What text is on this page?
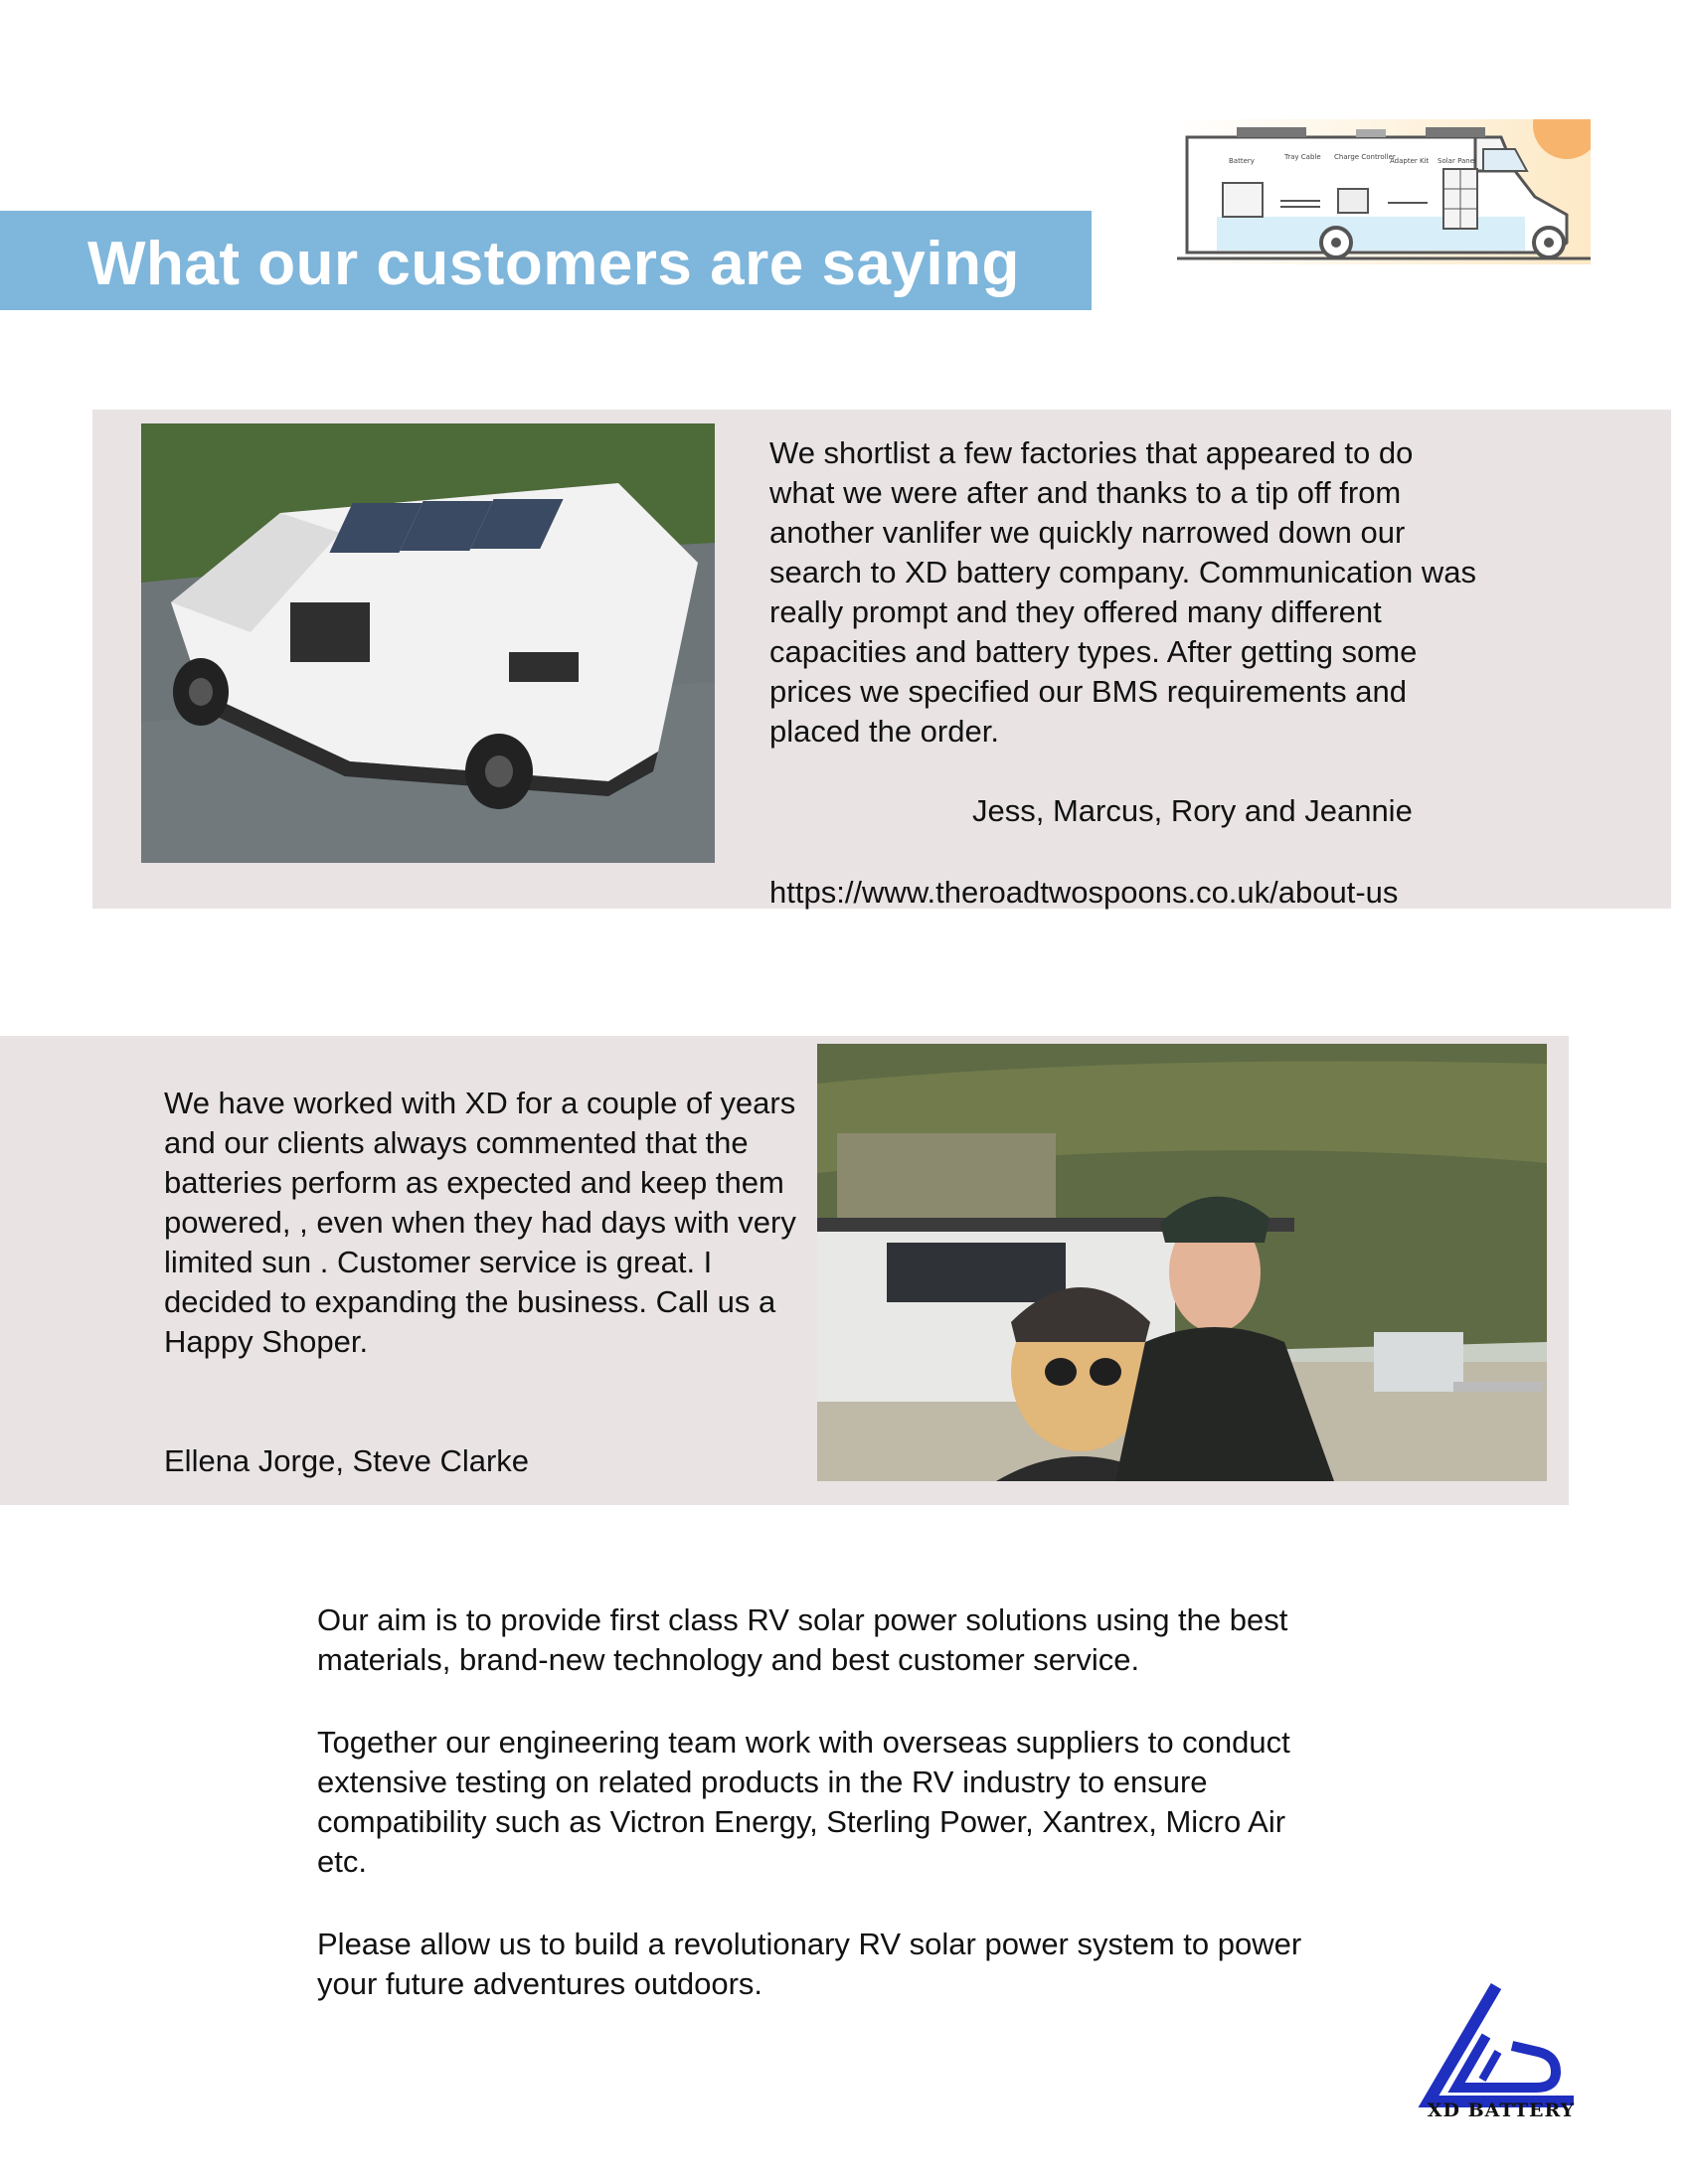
What our customers are saying
Battery	Tray Cable Charge Controller
Adapter Kit Solar Panel

We shortlist a few factories that appeared to do what we were after and thanks to a tip off from another vanlifer we quickly narrowed down our search to XD battery company. Communication was really prompt and they offered many different capacities and battery types. After getting some prices we specified our BMS requirements and placed the order.

Jess, Marcus, Rory and Jeannie
https://www.theroadtwospoons.co.uk/about-us

We have worked with XD for a couple of years and our clients always commented that the batteries perform as expected and keep them powered, , even when they had days with very limited sun . Customer service is great. I decided to expanding the business. Call us a Happy Shoper.

Ellena Jorge, Steve Clarke

Our aim is to provide first class RV solar power solutions using the best materials, brand-new technology and best customer service.

Together our engineering team work with overseas suppliers to conduct extensive testing on related products in the RV industry to ensure compatibility such as Victron Energy, Sterling Power, Xantrex, Micro Air etc.

Please allow us to build a revolutionary RV solar power system to power your future adventures outdoors.

XD BATTERY
